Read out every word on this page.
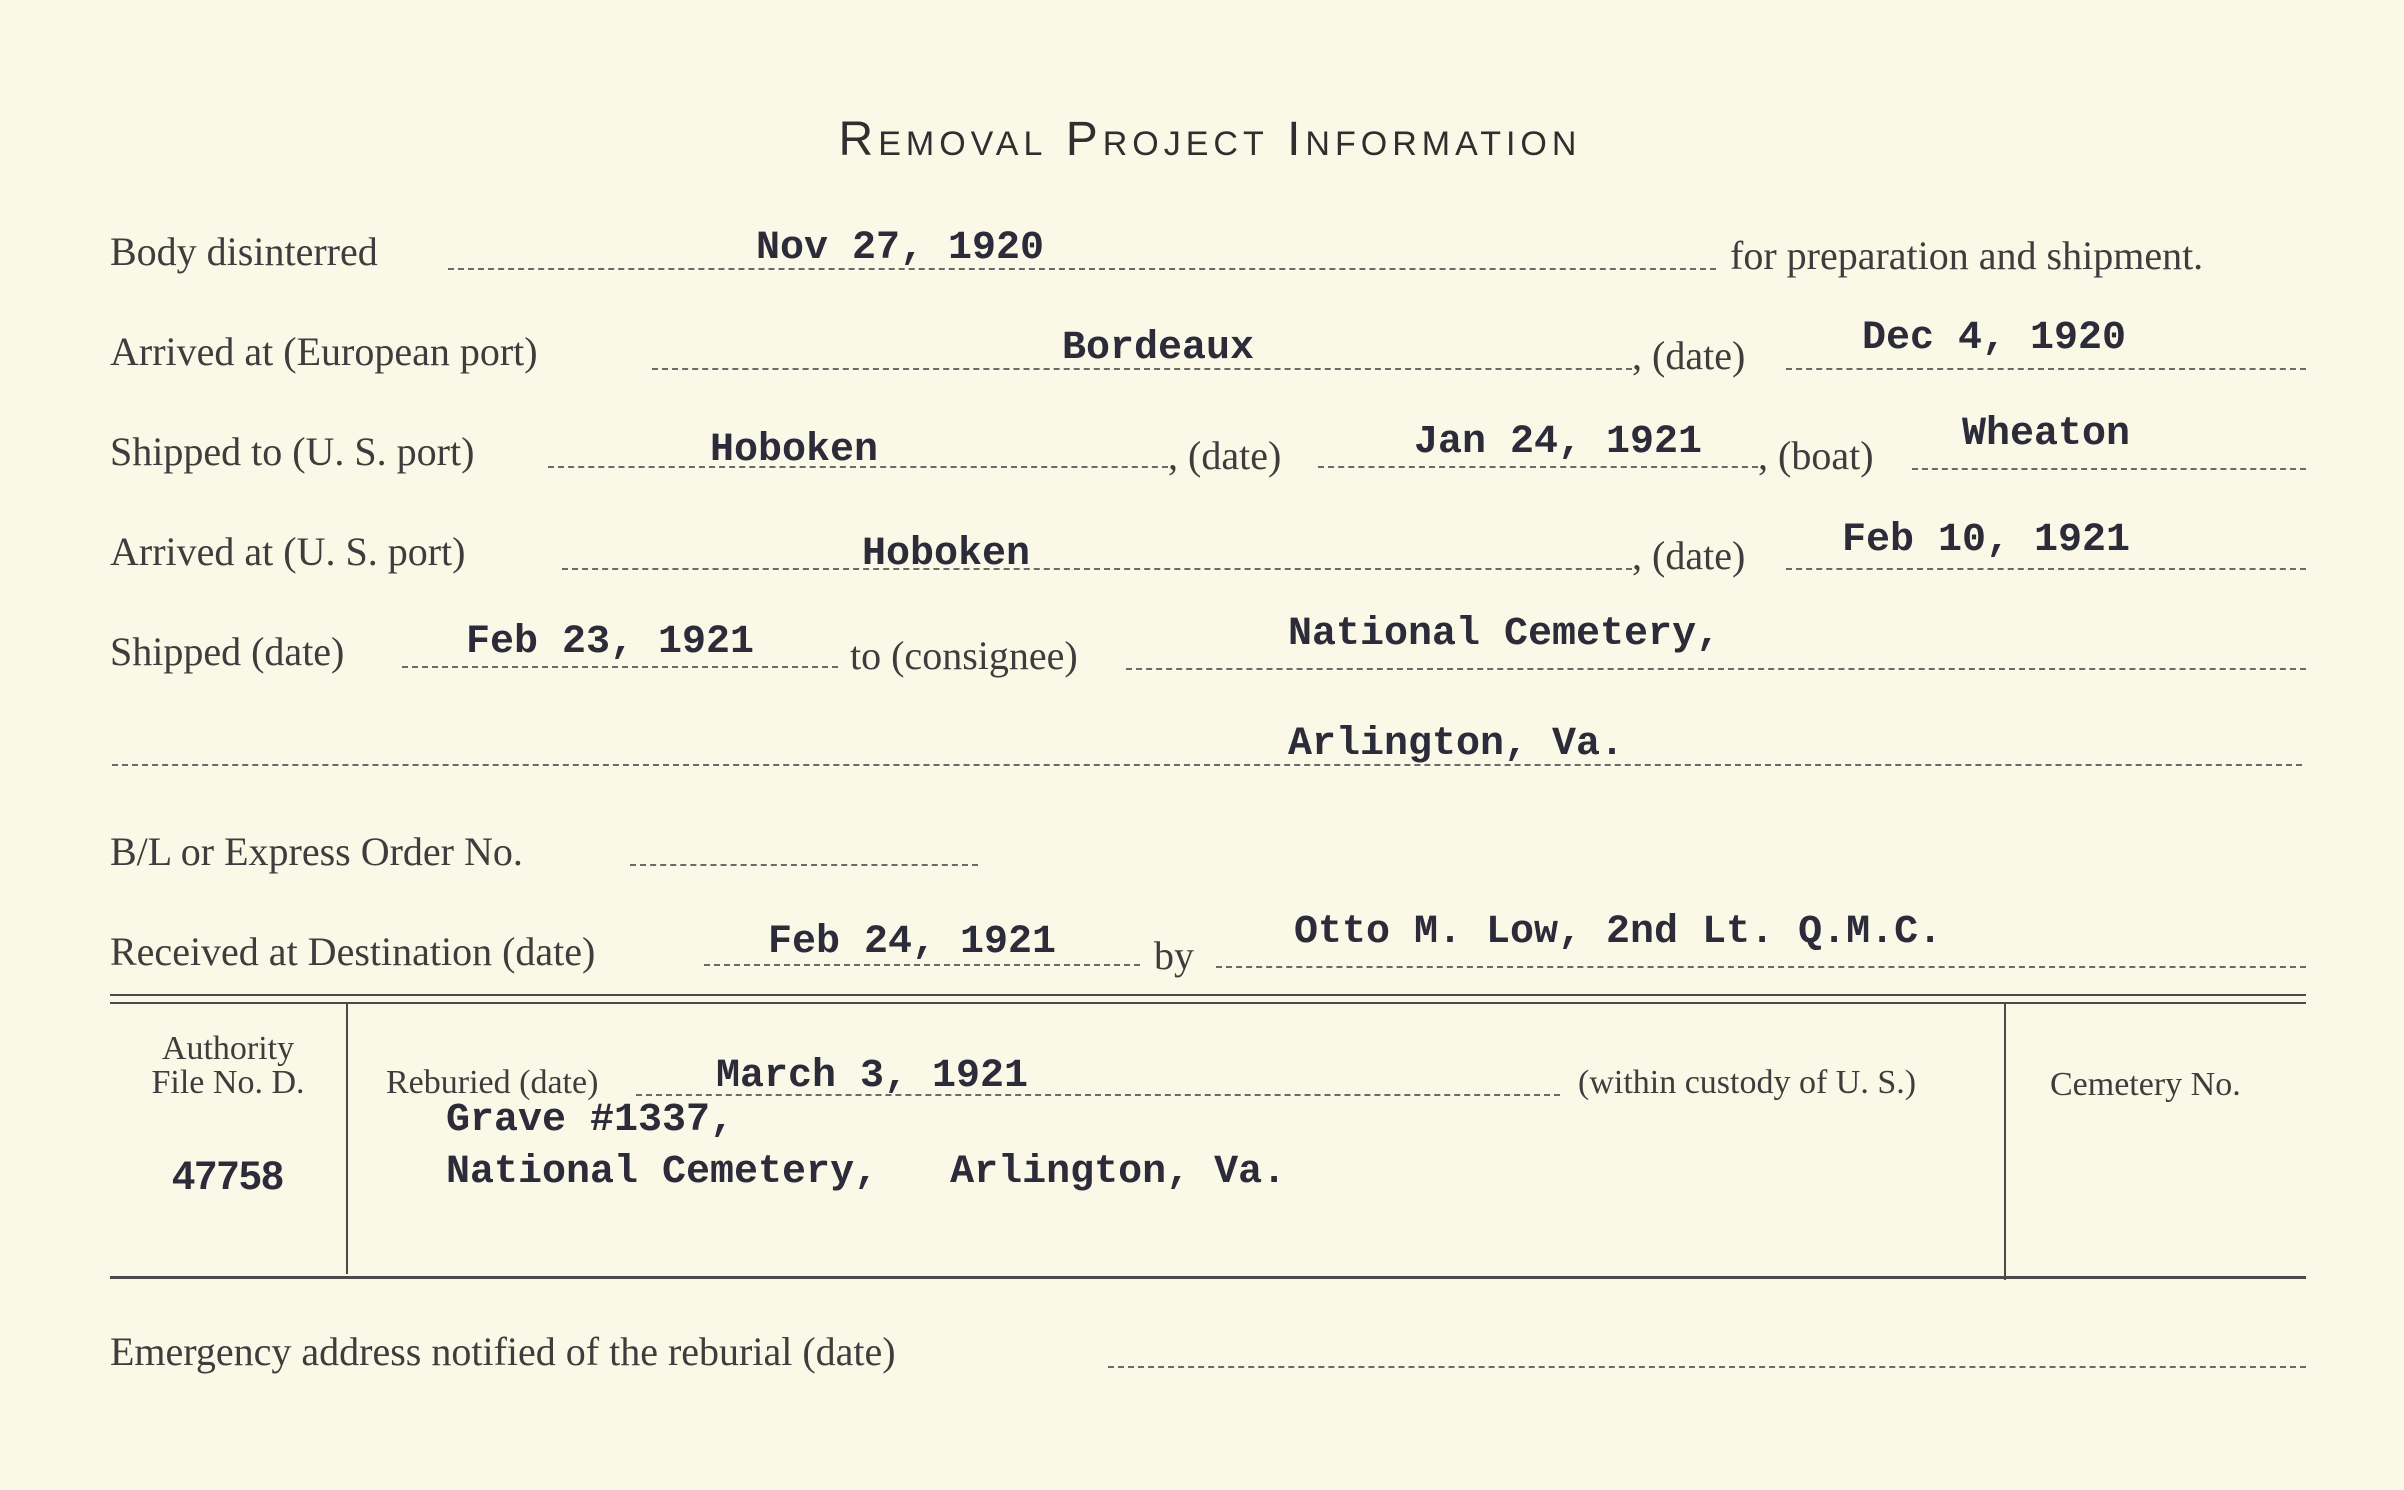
Removal Project Information
Body disinterred	Nov 27, 1920	for preparation and shipment.
Arrived at (European port)	Bordeaux	, (date)	Dec 4, 1920
Shipped to (U. S. port)	Hoboken	, (date)	Jan 24, 1921 , (boat) Wheaton
Arrived at (U. S. port)	Hoboken	, (date) Feb 10, 1921
Shipped (date)	Feb 23, 1921 to (consignee)	National Cemetery,
Arlington, Va.
B/L or Express Order No.
Received at Destination (date)	Feb 24, 1921 by
Otto M. Low, 2nd Lt. Q.M.C.
Authority
File No. D.
47758
Reburied (date)	March 3, 1921	(within custody of U. S.)
Grave #1337,
National Cemetery,   Arlington, Va.
Cemetery No.
Emergency address notified of the reburial (date)
